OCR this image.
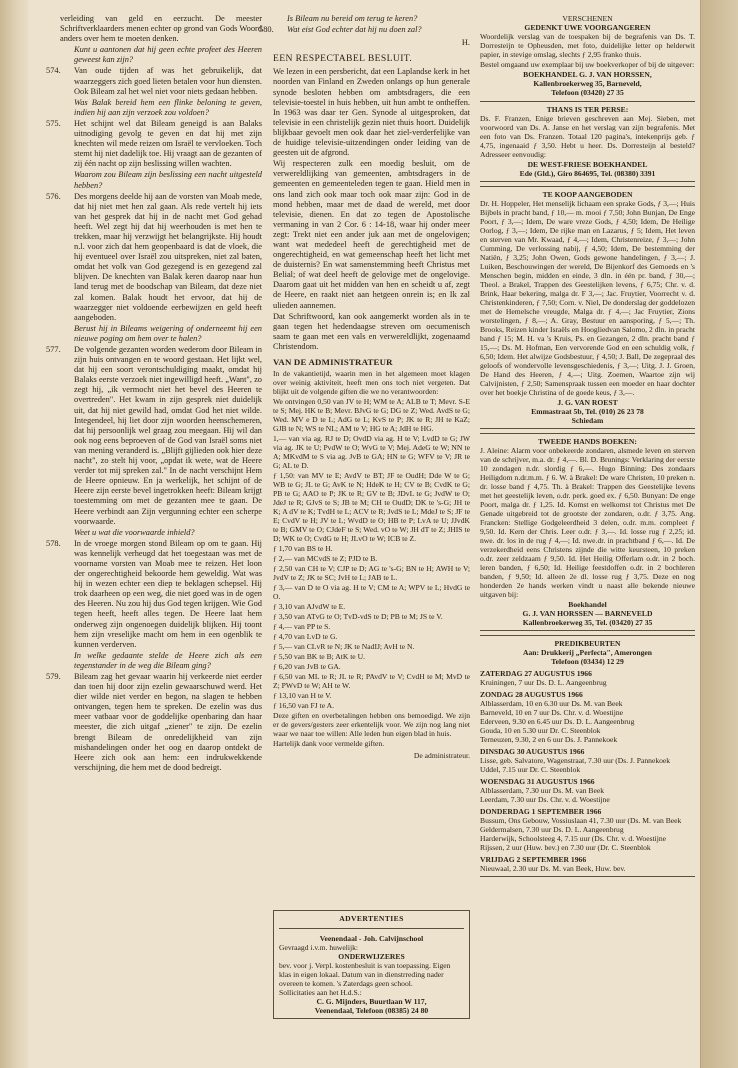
verleiding van geld en eerzucht. De meester Schriftverklaarders menen echter op grond van Gods Woord anders over hem te moeten denken.

Kunt u aantonen dat hij geen echte profeet des Heeren geweest kan zijn?

574. Van oude tijden af was het gebruikelijk, dat waarzeggers zich goed lieten betalen voor hun diensten. Ook Bileam zal het wel niet voor niets gedaan hebben.

Was Balak bereid hem een flinke beloning te geven, indien hij aan zijn verzoek zou voldoen?

575. Het schijnt wel dat Bileam geneigd is aan Balaks uitnodiging gevolg te geven en dat hij met zijn knechten wil mede reizen om Israël te vervloeken. Toch stemt hij niet dadelijk toe. Hij vraagt aan de gezanten of zij één nacht op zijn beslissing willen wachten.

Waarom zou Bileam zijn beslissing een nacht uitgesteld hebben?

576. Des morgens deelde hij aan de vorsten van Moab mede, dat hij niet met hen zal gaan. Als rede vertelt hij iets van het gesprek dat hij in de nacht met God gehad heeft. Wel zegt hij dat hij weerhouden is met hen te trekken, maar hij verzwijgt het belangrijkste. Hij houdt n.l. voor zich dat hem geopenbaard is dat de vloek, die hij eventueel over Israël zou uitspreken, niet zal baten, omdat het volk van God gezegend is en gezegend zal blijven. De knechten van Balak keren daarop naar hun land terug met de boodschap van Bileam, dat deze niet zal komen. Balak houdt het ervoor, dat hij de waarzegger niet voldoende eerbewijzen en geld heeft aangeboden.

Berust hij in Bileams weigering of onderneemt hij een nieuwe poging om hem over te halen?

577. De volgende gezanten worden wederom door Bileam in zijn huis ontvangen en te woord gestaan. Het lijkt wel, dat hij een soort verontschuldiging maakt, omdat hij Balaks eerste verzoek niet ingewilligd heeft. „Want", zo zegt hij, „ik vermocht niet het bevel des Heeren te overtreden". Het kwam in zijn gesprek niet duidelijk uit, dat hij niet gewild had, omdat God het niet wilde. Integendeel, hij liet door zijn woorden heenschemeren, dat hij persoonlijk wel graag zou meegaan. Hij wil dan ook nog eens beproeven of de God van Israël soms niet van mening veranderd is. „Blijft gijlieden ook hier deze nacht", zo stelt hij voor, „opdat ik wete, wat de Heere verder tot mij spreken zal." In de nacht verschijnt Hem de Heere opnieuw. En ja werkelijk, het schijnt of de Heere zijn eerste bevel ingetrokken heeft: Bileam krijgt toestemming om met de gezanten mee te gaan. De Heere verbindt aan Zijn vergunning echter een scherpe voorwaarde.

Weet u wat die voorwaarde inhield?

578. In de vroege morgen stond Bileam op om te gaan. Hij was kennelijk verheugd dat het toegestaan was met de voorname vorsten van Moab mee te reizen. Het loon der ongerechtigheid bekoorde hem geweldig. Wat was hij in wezen echter een diep te beklagen schepsel. Hij trok daarheen op een weg, die niet goed was in de ogen des Heeren. Nu zou hij dus God tegen krijgen. Wie God tegen heeft, heeft alles tegen. De Heere laat hem onderweg zijn ongenoegen duidelijk blijken. Hij toont hem zijn vreselijke macht om hem in een ogenblik te kunnen verderven.

In welke gedaante stelde de Heere zich als een tegenstander in de weg die Bileam ging?

579. Bileam zag het gevaar waarin hij verkeerde niet eerder dan toen hij door zijn ezelin gewaarschuwd werd. Het dier wilde niet verder en begon, na slagen te hebben ontvangen, tegen hem te spreken. De ezelin was dus meer vatbaar voor de goddelijke openbaring dan haar meester, die zich uitgaf „ziener" te zijn. De ezelin brengt Bileam de onredelijkheid van zijn mishandelingen onder het oog en daarop ontdekt de Heere zich ook aan hem: een indrukwekkende verschijning, die hem met de dood bedreigt.

Is Bileam nu bereid om terug te keren?

580. Wat eist God echter dat hij nu doen zal?

H.

EEN RESPECTABEL BESLUIT.

We lezen in een persbericht, dat een Laplandse kerk in het noorden van Finland en Zweden onlangs op hun generale synode besloten hebben om ambtsdragers, die een televisie-toestel in huis hebben, uit hun ambt te ontheffen. In 1963 was daar ter Gen. Synode al uitgesproken, dat televisie in een christelijk gezin niet thuis hoort. Duidelijk blijkbaar gevoelt men ook daar het ziel-verderfelijke van de huidige televisie-uitzendingen onder leiding van de geesten uit de afgrond.

Wij respecteren zulk een moedig besluit, om de verwereldlijking van gemeenten, ambtsdragers in de gemeenten en gemeenteleden tegen te gaan. Hield men in ons land zich ook maar toch ook maar zijn: God in de mond hebben, maar met de daad de wereld, met door televisie, dienen. En dat zo tegen de Apostolische vermaning in van 2 Cor. 6 : 14-18, waar hij onder meer zegt: Trekt niet een ander juk aan met de ongelovigen; want wat mededeel heeft de gerechtigheid met de ongerechtigheid, en wat gemeenschap heeft het licht met de duisternis? En wat samenstemming heeft Christus met Belial; of wat deel heeft de gelovige met de ongelovige. Daarom gaat uit het midden van hen en scheidt u af, zegt de Heere, en raakt niet aan hetgeen onrein is; en Ik zal ulieden aannemen.

Dat Schriftwoord, kan ook aangemerkt worden als in te gaan tegen het hedendaagse streven om oecumenisch saam te gaan met een vals en verwereldlijkt, zogenaamd Christendom.

VAN DE ADMINISTRATEUR

In de vakantietijd, waarin men in het algemeen moet klagen over weinig aktiviteit, heeft men ons toch niet vergeten. Dat blijkt uit de volgende giften die we no verantwoorden:

We ontvingen 0,50 van JV te H; WM te A; ALB te T; Mevr. S-E te S; Mej. HK te B; Mevr. BJvG te G; DG te Z; Wed. AvdS te G; Wed. MV e D te L; AdG te L; KvS te P; JK te R; JH te KaZ; GJB te N; WS te NL; AM te V; HG te A; JdH te HG.

1,— van via ag. RJ te D; OvdD via ag. H te V; LvdD te G; JW via ag. JK te U; PvdW te O; WvG te V; Mej. AdeG te W; NN te A; MKvdM te S via ag. JvB te GA; HN te G; WFV te V; JR te G; AL te D.

ƒ 1,50: van MV te E; AvdV te BT; JF te OudH; Dde W te G; WB te G; JL te G; AvK te N; HdeK te H; CV te B; CvdK te G; PB te G; AAO te P; JK te R; GV te B; JDvL te G; JvdW te O; JdeJ te R; GJvS te S; JB te M; CH te OudD; DK te 's-G; JH te K; A dV te K; TvdH te L; ACV te R; JvdS te L; MdeJ te S; JF te E; CvdV te H; JV te L; WvdD te O; HB te P; LvA te U; JJvdK te B; GMV te O; CJdeF te S; Wed. vO te W; JH dT te Z; JHIS te D; WK te O; CvdG te H; JLvO te W; ICB te Z.

ƒ 1,70 van BS te H.

ƒ 2,— van MCvdS te Z; PJD te B.

ƒ 2,50 van CH te V; CJP te D; AG te 's-G; BN te H; AWH te V; JvdV te Z; JK te SC; JvH te L; JAB te L.

ƒ 3,— van D te O via ag. H te V; CM te A; WPV te L; HvdG te O.

ƒ 3,10 van AJvdW te E.

ƒ 3,50 van ATvG te O; TvD-vdS te D; PB te M; JS te V.

ƒ 4,— van PP te S.

ƒ 4,70 van LvD te G.

ƒ 5,— van CLvR te N; JK te NadIJ; AvH te N.

ƒ 5,50 van BK te B; AtK te U.

ƒ 6,20 van JvB te GA.

ƒ 6,50 van ML te R; JL te R; PAvdV te V; CvdH te M; MvD te Z; PWvD te W; AH te W.

ƒ 13,10 van H te V.

ƒ 16,50 van FJ te A.

Deze giften en overbetalingen hebben ons bemoedigd. We zijn er de gevers/gesters zeer erkentelijk voor. We zijn nog lang niet waar we naar toe willen: Alle leden hun eigen blad in huis.

Hartelijk dank voor vermelde giften.

De administrateur.

ADVERTENTIES
Veenendaal - Joh. Calvijnschool
Gevraagd i.v.m. huwelijk:
ONDERWIJZERES
bev. voor j. Verpl. kostenbesluit is van toepassing. Eigen klas in eigen lokaal. Datum van in dienstrreding nader overeen te komen. 's Zaterdags geen school.
Sollicitaties aan het H.d.S.:
C. G. Mijnders, Buurtlaan W 117,
Veenendaal, Telefoon (08385) 24 80
VERSCHENEN
GEDENKT UWE VOORGANGEREN

Woordelijk verslag van de toespaken bij de begrafenis van Ds. T. Dorresteijn te Opheusden, met foto, duidelijke letter op helderwit papier, in stevige omslag, slechts ƒ 2,95 franko thuis.

Bestel omgaand uw exemplaar bij uw boekverkoper of bij de uitgever:

BOEKHANDEL G. J. VAN HORSSEN,
Kallenbroekerweg 35, Barneveld,
Telefoon (03420) 27 35
THANS IS TER PERSE:

Ds. F. Franzen, Enige brieven geschreven aan Mej. Sieben, met voorwoord van Ds. A. Janse en het verslag van zijn begrafenis. Met een foto van Ds. Franzen. Totaal 120 pagina's, intekenprijs geb. ƒ 4,75, ingenaaid ƒ 3,50. Hebt u heer. Ds. Dorresteijn al besteld? Adresseer eenvoudig:

DE WEST-FRIESE BOEKHANDEL
Ede (Gld.), Giro 864695, Tel. (08380) 3391
TE KOOP AANGEBODEN

Dr. H. Hoppeler, Het menselijk lichaam een sprake Gods, ƒ 3,—; Huis Bijbels in pracht band, ƒ 10,— m. mooi ƒ 7,50; John Bunjan, De Enge Poort, ƒ 3,—; Idem, De ware vreze Gods, ƒ 4,50; Idem, De Heilige Oorlog, ƒ 3,—; Idem, De rijke man en Lazarus, ƒ 5; Idem, Het leven en sterven van Mr. Kwaad, ƒ 4,—; Idem, Christenreize, ƒ 3,—; John Cumming, De verlossing nabij, ƒ 4,50; Idem, De bestemming der Natiën, ƒ 3,25; John Owen, Gods gewone handelingen, ƒ 3,—; J. Luiken, Beschouwingen der wereld, De Bijenkorf des Gemoeds en 's Menschen begin, midden en einde, 3 dln. in één pr. band, ƒ 30,—; Theol. a Brakel, Trappen des Geestelijken levens, ƒ 6,75; Chr. v. d. Brink, Haar bekering, malga dr. F 3,—; Jac. Fruytier, Voorrecht v. d. Christenkinderen, ƒ 7,50; Corn. v. Niel, De donderslag der goddelozen met de Hemelsche vreugde, Malga dr. ƒ 4,—; Jac Fruytier, Zions worstelingen, ƒ 8,—; A. Gray, Bestuur en aansporing, ƒ 5,—; Th. Brooks, Reizen kinder Israëls en Hoogliedvan Salomo, 2 dln. in pracht band ƒ 15; M. H. va 's Kruis, Ps. en Gezangen, 2 dln. pracht band ƒ 15,—; Ds. M. Hofman, Een vervorende God en een schuldig volk, ƒ 6,50; Idem. Het alwijze Godsbestuur, ƒ 4,50; J. Ball, De zegepraal des geloofs of wondervolle levensgeschiedenis, ƒ 3,—; Uitg. J. J. Groen, De Hand des Heeren, ƒ 4,—; Uitg. Zoemen, Waartoe zijn wij Calvijnisten, ƒ 2,50; Samenspraak tussen een moeder en haar dochter over het boekje Christina of de goede keus, ƒ 3,—.

J. G. VAN ROEST
Emmastraat 5b, Tel. (010) 26 23 78
Schiedam
TWEEDE HANDS BOEKEN:

J. Aleine: Alarm voor onbekeerde zondaren, alsmede leven en sterven van de schrijver, m.a. dr. ƒ 4,—. Bl. D. Brunings: Verklaring der eerste 10 zondagen n.dr. slordig ƒ 6,—. Hugo Binning: Des zondaars Heiligdom n.dr.m.m. ƒ 6. W. à Brakel: De ware Christen, 10 preken n. dr. losse band ƒ 4,75. Th. à Brakel: Trappen des Geestelijke levens met het geestelijk leven, o.dr. perk. goed ex. ƒ 6,50. Bunyan: De enge Poort, malga dr. ƒ 1,25. Id. Komst en welkomst tot Christus met De Genade uitgebreid tot de grootste der zondaren, o.dr. ƒ 3,75. Ang. Francken: Stellige Godgeleerdheid 3 delen, o.dr. m.m. compleet ƒ 9,50. Id. Kern der Chris. Leer o.dr. ƒ 3,—. Id. losse rug ƒ 2,25; id. nwe. dr. los in de rug ƒ 4,—; Id. nwe.dr. in prachtband ƒ 6,—. Id. De verzekerdheid eens Christens zijnde die witte keursteen, 10 preken o.dr. zeer zeldzaam ƒ 9,50. Id. Het Heilig Offerlam o.dr. in 2 boch. leren banden, ƒ 6,50; Id. Heilige feestdoffen o.dr. in 2 bochleren banden, ƒ 9,50; Id. alleen 2e dl. losse rug ƒ 3,75. Deze en nog honderden 2e hands werken vindt u naast alle bekende nieuwe uitgaven bij:

Boekhandel
G. J. VAN HORSSEN — BARNEVELD
Kallenbroekerweg 35, Tel. (03420) 27 35
PREDIKBEURTEN
Aan: Drukkerij „Perfecta", Amerongen
Telefoon (03434) 12 29
ZATERDAG 27 AUGUSTUS 1966
Kruiningen, 7 uur Ds. D. L. Aangeenbrug
ZONDAG 28 AUGUSTUS 1966
Alblasserdam, 10 en 6.30 uur Ds. M. van Beek
Barneveld, 10 en 7 uur Ds. Chr. v. d. Woestijne
Ederveen, 9.30 en 6.45 uur Ds. D. L. Aangeenbrug
Gouda, 10 en 5.30 uur Dr. C. Steenblok
Terneuzen, 9.30, 2 en 6 uur Ds. J. Pannekoek
DINSDAG 30 AUGUSTUS 1966
Lisse, geb. Salvatore, Wagenstraat, 7.30 uur (Ds. J. Pannekoek
Uddel, 7.15 uur Dr. C. Steenblok
WOENSDAG 31 AUGUSTUS 1966
Alblasserdam, 7.30 uur Ds. M. van Beek
Leerdam, 7.30 uur Ds. Chr. v. d. Woestijne
DONDERDAG 1 SEPTEMBER 1966
Bussum, Ons Gebouw, Vossiuslaan 41, 7.30 uur (Ds. M. van Beek
Geldermalsen, 7.30 uur Ds. D. L. Aangeenbrug
Harderwijk, Schoolsteeg 4, 7.15 uur (Ds. Chr. v. d. Woestijne
Rijssen, 2 uur (Huw. bev.) en 7.30 uur (Dr. C. Steenblok
VRIJDAG 2 SEPTEMBER 1966
Nieuwaal, 2.30 uur Ds. M. van Beek, Huw. bev.
